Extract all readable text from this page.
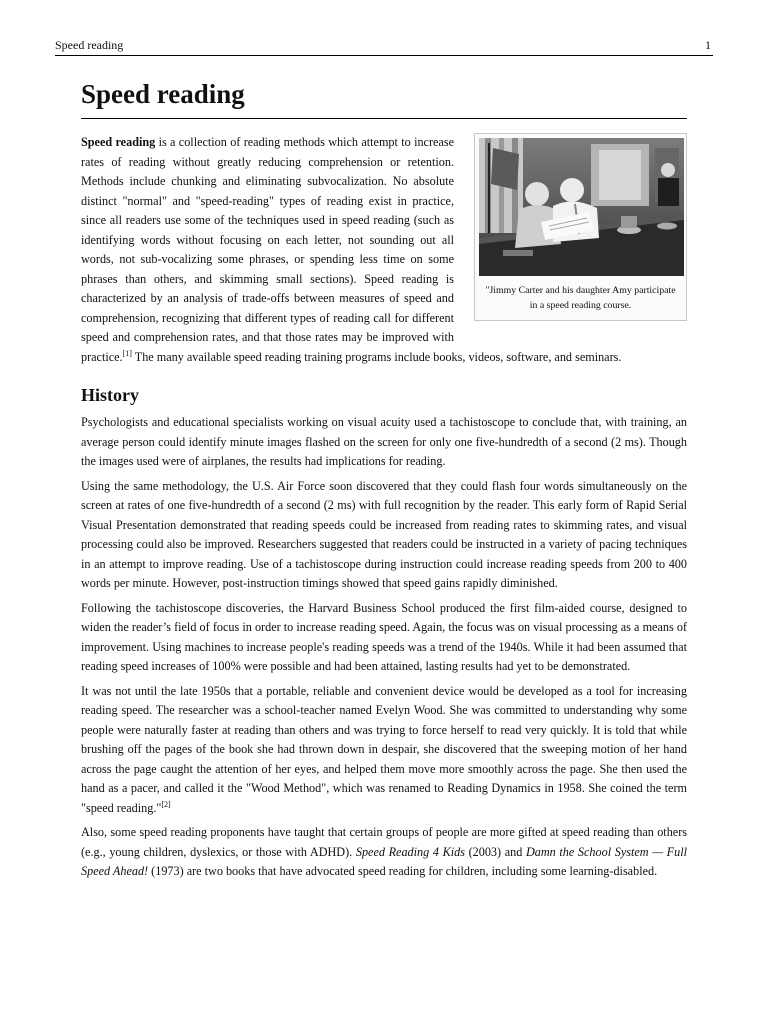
Speed reading	1
Speed reading
"Jimmy Carter and his daughter Amy participate in a speed reading course.

Speed reading is a collection of reading methods which attempt to increase rates of reading without greatly reducing comprehension or retention. Methods include chunking and eliminating subvocalization. No absolute distinct "normal" and "speed-reading" types of reading exist in practice, since all readers use some of the techniques used in speed reading (such as identifying words without focusing on each letter, not sounding out all words, not sub-vocalizing some phrases, or spending less time on some phrases than others, and skimming small sections). Speed reading is characterized by an analysis of trade-offs between measures of speed and comprehension, recognizing that different types of reading call for different speed and comprehension rates, and that those rates may be improved with practice.[1] The many available speed reading training programs include books, videos, software, and seminars.

History

Psychologists and educational specialists working on visual acuity used a tachistoscope to conclude that, with training, an average person could identify minute images flashed on the screen for only one five-hundredth of a second (2 ms). Though the images used were of airplanes, the results had implications for reading.

Using the same methodology, the U.S. Air Force soon discovered that they could flash four words simultaneously on the screen at rates of one five-hundredth of a second (2 ms) with full recognition by the reader. This early form of Rapid Serial Visual Presentation demonstrated that reading speeds could be increased from reading rates to skimming rates, and visual processing could also be improved. Researchers suggested that readers could be instructed in a variety of pacing techniques in an attempt to improve reading. Use of a tachistoscope during instruction could increase reading speeds from 200 to 400 words per minute. However, post-instruction timings showed that speed gains rapidly diminished.

Following the tachistoscope discoveries, the Harvard Business School produced the first film-aided course, designed to widen the reader’s field of focus in order to increase reading speed. Again, the focus was on visual processing as a means of improvement. Using machines to increase people's reading speeds was a trend of the 1940s. While it had been assumed that reading speed increases of 100% were possible and had been attained, lasting results had yet to be demonstrated.

It was not until the late 1950s that a portable, reliable and convenient device would be developed as a tool for increasing reading speed. The researcher was a school-teacher named Evelyn Wood. She was committed to understanding why some people were naturally faster at reading than others and was trying to force herself to read very quickly. It is told that while brushing off the pages of the book she had thrown down in despair, she discovered that the sweeping motion of her hand across the page caught the attention of her eyes, and helped them move more smoothly across the page. She then used the hand as a pacer, and called it the "Wood Method", which was renamed to Reading Dynamics in 1958. She coined the term "speed reading."[2]

Also, some speed reading proponents have taught that certain groups of people are more gifted at speed reading than others (e.g., young children, dyslexics, or those with ADHD). Speed Reading 4 Kids (2003) and Damn the School System — Full Speed Ahead! (1973) are two books that have advocated speed reading for children, including some learning-disabled.
